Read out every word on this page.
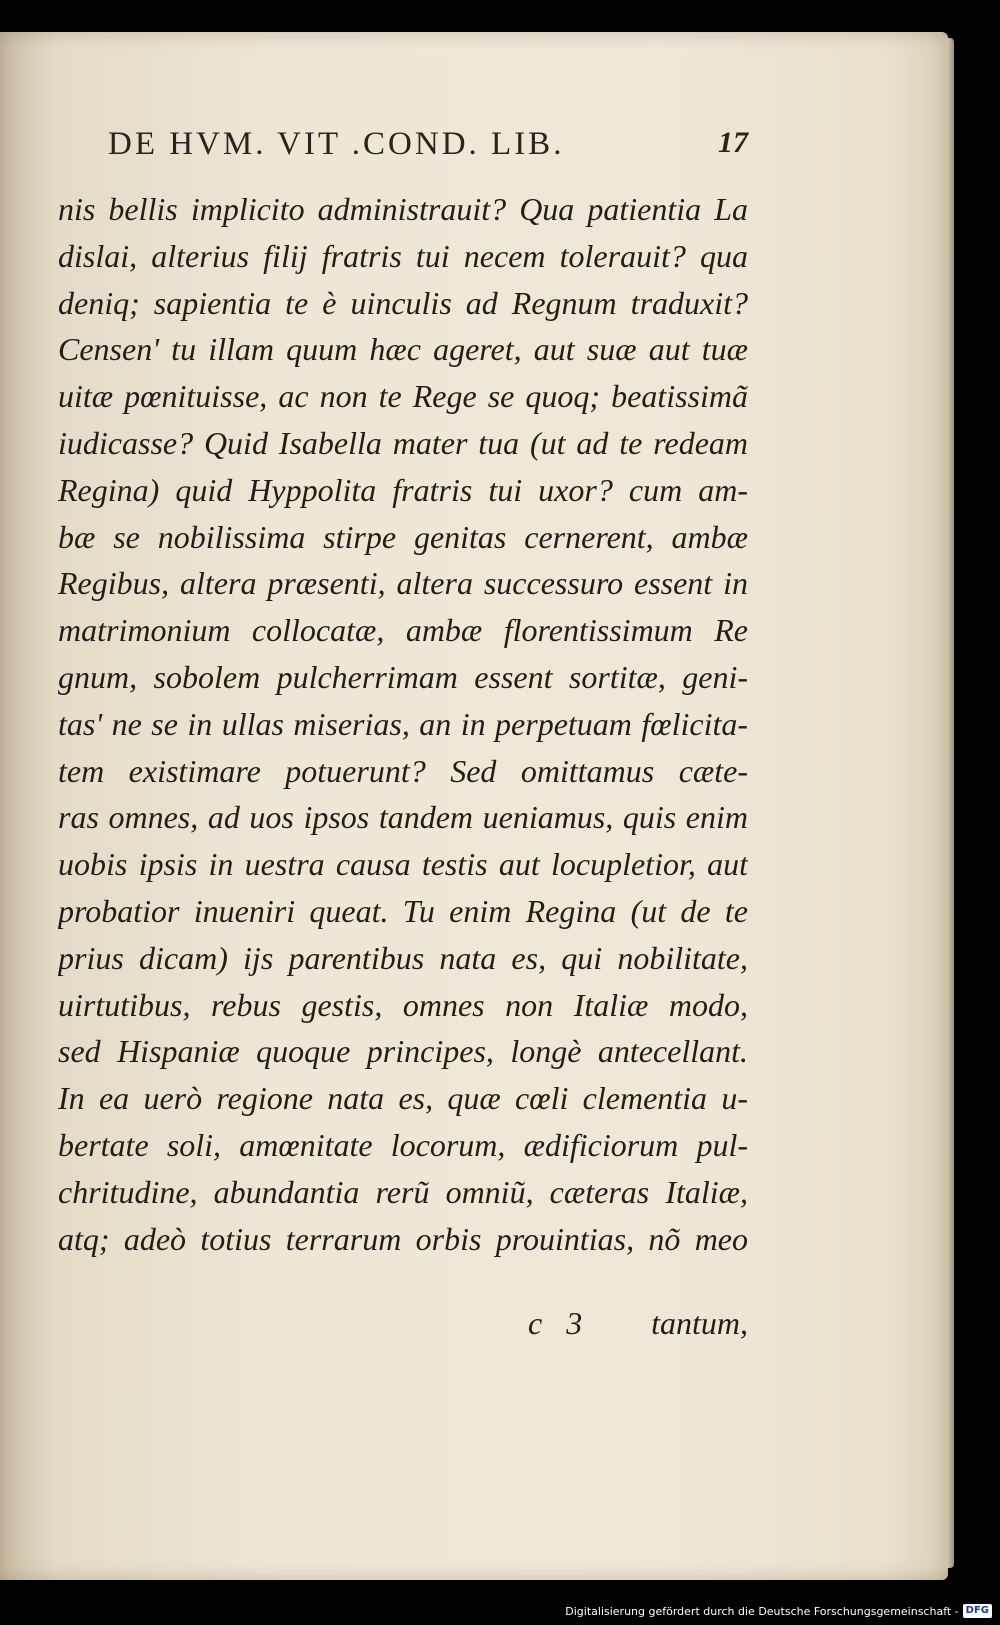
DE HVM. VIT .COND. LIB.	17
nis bellis implicito administrauit? Qua patientia La
dislai, alterius filij fratris tui necem tolerauit? qua
deniq; sapientia te è uinculis ad Regnum traduxit?
Censen' tu illam quum hæc ageret, aut suæ aut tuæ
uitæ pœnituisse, ac non te Rege se quoq; beatissimã
iudicasse? Quid Isabella mater tua (ut ad te redeam
Regina) quid Hyppolita fratris tui uxor? cum am-
bæ se nobilissima stirpe genitas cernerent, ambæ
Regibus, altera præsenti, altera successuro essent in
matrimonium collocatæ, ambæ florentissimum Re
gnum, sobolem pulcherrimam essent sortitæ, geni-
tas' ne se in ullas miserias, an in perpetuam fœlicita-
tem existimare potuerunt? Sed omittamus cæte-
ras omnes, ad uos ipsos tandem ueniamus, quis enim
uobis ipsis in uestra causa testis aut locupletior, aut
probatior inueniri queat. Tu enim Regina (ut de te
prius dicam) ijs parentibus nata es, qui nobilitate,
uirtutibus, rebus gestis, omnes non Italiæ modo,
sed Hispaniæ quoque principes, longè antecellant.
In ea uerò regione nata es, quæ cœli clementia u-
bertate soli, amœnitate locorum, ædificiorum pul-
chritudine, abundantia rerũ omniũ, cæteras Italiæ,
atq; adeò totius terrarum orbis prouintias, nõ meo
c 3 tantum,
Digitalisierung gefördert durch die Deutsche Forschungsgemeinschaft - DFG
